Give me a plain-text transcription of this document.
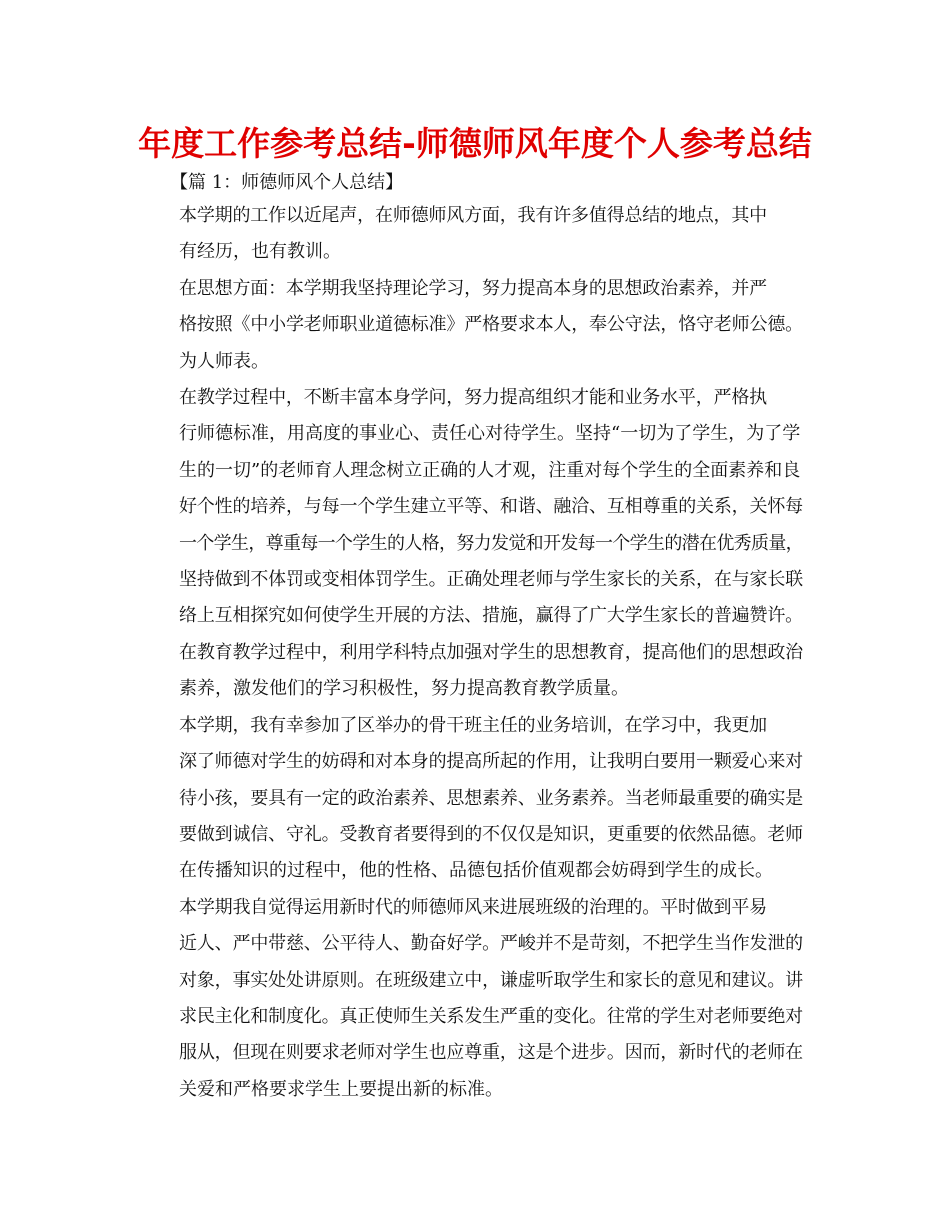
年度工作参考总结-师德师风年度个人参考总结
【篇 1：师德师风个人总结】

本学期的工作以近尾声，在师德师风方面，我有许多值得总结的地点，其中
有经历，也有教训。

在思想方面：本学期我坚持理论学习，努力提高本身的思想政治素养，并严
格按照《中小学老师职业道德标准》严格要求本人，奉公守法，恪守老师公德。
为人师表。

在教学过程中，不断丰富本身学问，努力提高组织才能和业务水平，严格执
行师德标准，用高度的事业心、责任心对待学生。坚持“一切为了学生，为了学
生的一切”的老师育人理念树立正确的人才观，注重对每个学生的全面素养和良
好个性的培养，与每一个学生建立平等、和谐、融洽、互相尊重的关系，关怀每
一个学生，尊重每一个学生的人格，努力发觉和开发每一个学生的潜在优秀质量，
坚持做到不体罚或变相体罚学生。正确处理老师与学生家长的关系，在与家长联
络上互相探究如何使学生开展的方法、措施，赢得了广大学生家长的普遍赞许。
在教育教学过程中，利用学科特点加强对学生的思想教育，提高他们的思想政治
素养，激发他们的学习积极性，努力提高教育教学质量。

本学期，我有幸参加了区举办的骨干班主任的业务培训，在学习中，我更加
深了师德对学生的妨碍和对本身的提高所起的作用，让我明白要用一颗爱心来对
待小孩，要具有一定的政治素养、思想素养、业务素养。当老师最重要的确实是
要做到诚信、守礼。受教育者要得到的不仅仅是知识，更重要的依然品德。老师
在传播知识的过程中，他的性格、品德包括价值观都会妨碍到学生的成长。

本学期我自觉得运用新时代的师德师风来进展班级的治理的。平时做到平易
近人、严中带慈、公平待人、勤奋好学。严峻并不是苛刻，不把学生当作发泄的
对象，事实处处讲原则。在班级建立中，谦虚听取学生和家长的意见和建议。讲
求民主化和制度化。真正使师生关系发生严重的变化。往常的学生对老师要绝对
服从，但现在则要求老师对学生也应尊重，这是个进步。因而，新时代的老师在
关爱和严格要求学生上要提出新的标准。
